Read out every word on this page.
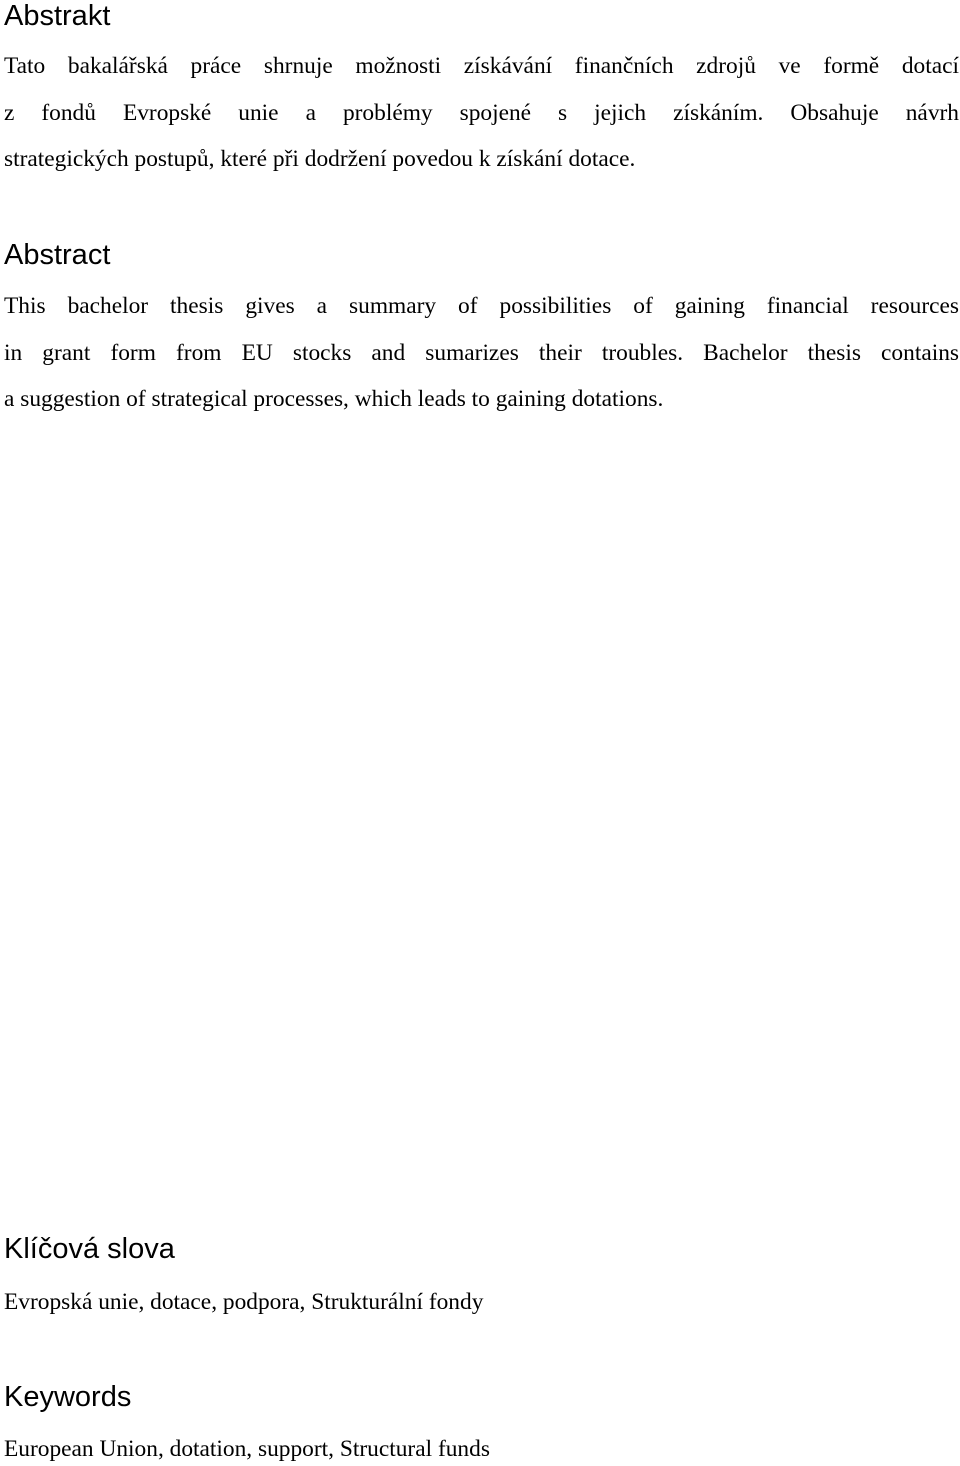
Abstrakt
Tato bakalářská práce shrnuje možnosti získávání finančních zdrojů ve formě dotací
z fondů Evropské unie a problémy spojené s jejich získáním. Obsahuje návrh
strategických postupů, které při dodržení povedou k získání dotace.
Abstract
This bachelor thesis gives a summary of possibilities of gaining financial resources
in grant form from EU stocks and sumarizes their troubles. Bachelor thesis contains
a suggestion of strategical processes, which leads to gaining dotations.
Klíčová slova

Evropská unie, dotace, podpora, Strukturální fondy

Keywords

European Union, dotation, support, Structural funds
